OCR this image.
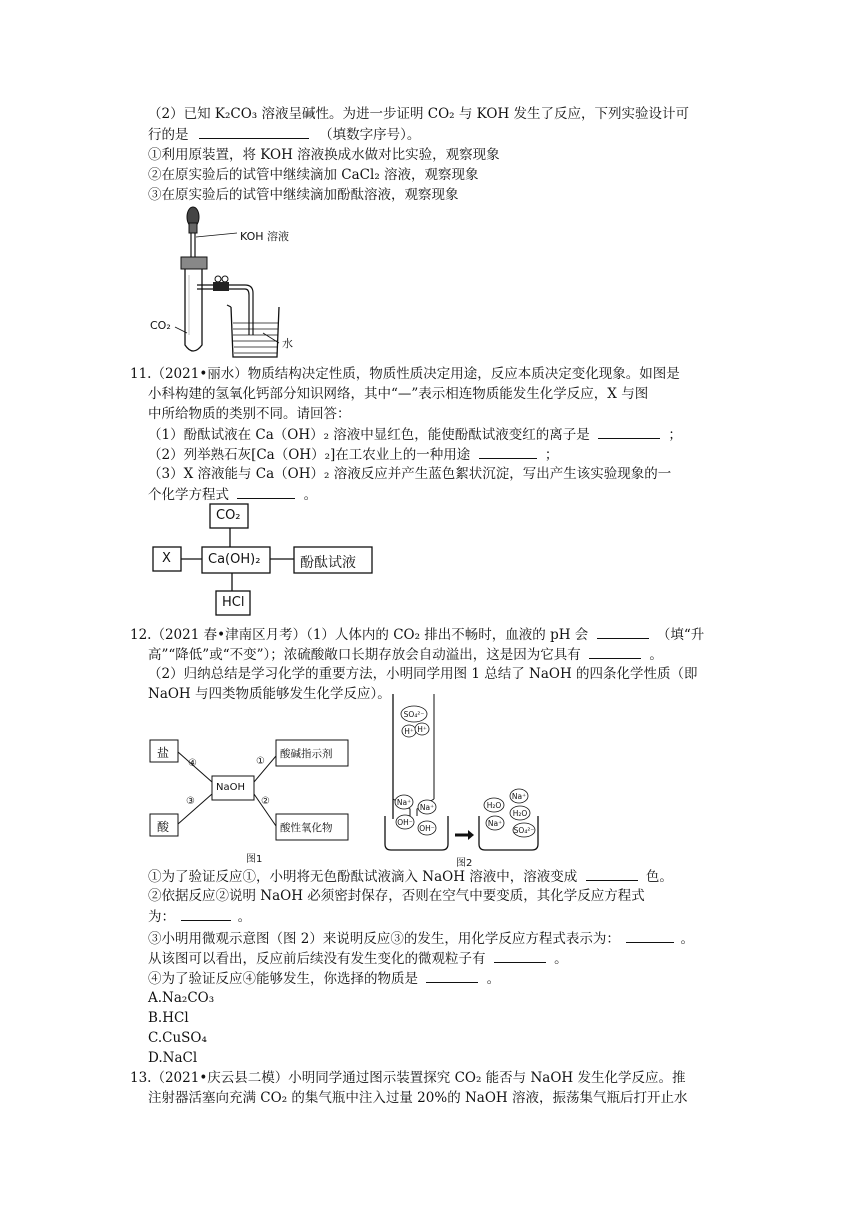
（2）已知 K₂CO₃ 溶液呈碱性。为进一步证明 CO₂ 与 KOH 发生了反应，下列实验设计可
行的是	（填数字序号）。
①利用原装置，将 KOH 溶液换成水做对比实验，观察现象
②在原实验后的试管中继续滴加 CaCl₂ 溶液，观察现象
③在原实验后的试管中继续滴加酚酞溶液，观察现象
KOH 溶液
CO₂
水
11.（2021•丽水）物质结构决定性质，物质性质决定用途，反应本质决定变化现象。如图是
小科构建的氢氧化钙部分知识网络，其中“—”表示相连物质能发生化学反应，X 与图
中所给物质的类别不同。请回答：
（1）酚酞试液在 Ca（OH）₂ 溶液中显红色，能使酚酞试液变红的离子是	；
（2）列举熟石灰[Ca（OH）₂]在工农业上的一种用途	；
（3）X 溶液能与 Ca（OH）₂ 溶液反应并产生蓝色絮状沉淀，写出产生该实验现象的一
个化学方程式	。
CO₂
X	Ca(OH)₂	酚酞试液
HCl
12.（2021 春•津南区月考）（1）人体内的 CO₂ 排出不畅时，血液的 pH 会	（填“升
高”“降低”或“不变”）；浓硫酸敞口长期存放会自动溢出，这是因为它具有	。
（2）归纳总结是学习化学的重要方法，小明同学用图 1 总结了 NaOH 的四条化学性质（即
NaOH 与四类物质能够发生化学反应）。
盐
酸
NaOH
酸碱指示剂
酸性氧化物
①
②
③
④
图1
SO₄²⁻
H⁺ H⁺
Na⁺
Na⁺
OH⁻
OH⁻
Na⁺
H₂O
H₂O
Na⁺
SO₄²⁻
图2
①为了验证反应①，小明将无色酚酞试液滴入 NaOH 溶液中，溶液变成	色。
②依据反应②说明 NaOH 必须密封保存，否则在空气中要变质，其化学反应方程式
为：	。
③小明用微观示意图（图 2）来说明反应③的发生，用化学反应方程式表示为：	。
从该图可以看出，反应前后续没有发生变化的微观粒子有	。
④为了验证反应④能够发生，你选择的物质是	。
A.Na₂CO₃
B.HCl
C.CuSO₄
D.NaCl
13.（2021•庆云县二模）小明同学通过图示装置探究 CO₂ 能否与 NaOH 发生化学反应。推
注射器活塞向充满 CO₂ 的集气瓶中注入过量 20%的 NaOH 溶液，振荡集气瓶后打开止水
